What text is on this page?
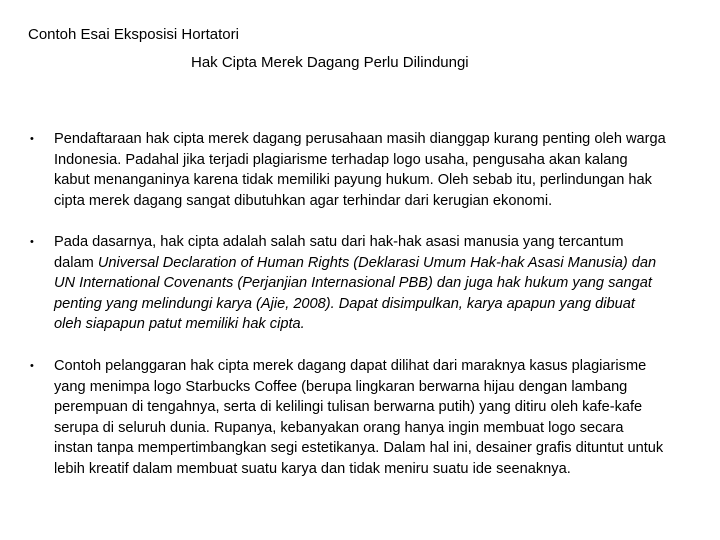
Contoh Esai Eksposisi Hortatori
Hak Cipta Merek Dagang Perlu Dilindungi
• Pendaftaraan hak cipta merek dagang perusahaan masih dianggap kurang penting oleh warga Indonesia. Padahal jika terjadi plagiarisme terhadap logo usaha, pengusaha akan kalang kabut menanganinya karena tidak memiliki payung hukum. Oleh sebab itu, perlindungan hak cipta merek dagang sangat dibutuhkan agar terhindar dari kerugian ekonomi.
• Pada dasarnya, hak cipta adalah salah satu dari hak-hak asasi manusia yang tercantum dalam Universal Declaration of Human Rights (Deklarasi Umum Hak-hak Asasi Manusia) dan UN International Covenants (Perjanjian Internasional PBB) dan juga hak hukum yang sangat penting yang melindungi karya (Ajie, 2008). Dapat disimpulkan, karya apapun yang dibuat oleh siapapun patut memiliki hak cipta.
• Contoh pelanggaran hak cipta merek dagang dapat dilihat dari maraknya kasus plagiarisme yang menimpa logo Starbucks Coffee (berupa lingkaran berwarna hijau dengan lambang perempuan di tengahnya, serta di kelilingi tulisan berwarna putih) yang ditiru oleh kafe-kafe serupa di seluruh dunia. Rupanya, kebanyakan orang hanya ingin membuat logo secara instan tanpa mempertimbangkan segi estetikanya. Dalam hal ini, desainer grafis dituntut untuk lebih kreatif dalam membuat suatu karya dan tidak meniru suatu ide seenaknya.
